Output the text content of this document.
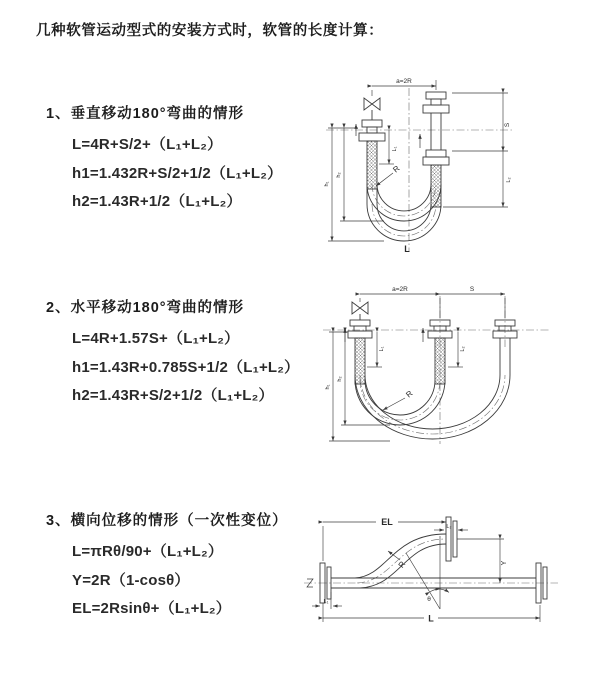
几种软管运动型式的安装方式时，软管的长度计算：

1、垂直移动180°弯曲的情形

L=4R+S/2+（L₁+L₂）

h1=1.432R+S/2+1/2（L₁+L₂）

h2=1.43R+1/2（L₁+L₂）

2、水平移动180°弯曲的情形

L=4R+1.57S+（L₁+L₂）

h1=1.43R+0.785S+1/2（L₁+L₂）

h2=1.43R+S/2+1/2（L₁+L₂）

3、横向位移的情形（一次性变位）

L=πRθ/90+（L₁+L₂）

Y=2R（1-cosθ）

EL=2Rsinθ+（L₁+L₂）

a=2R
S
L₂
h₁
h₂
L₁
R
L
a=2R	S
h₁
h₂
L₁	L₂
R
EL	L₂
Y
L
L₁
R
θ
